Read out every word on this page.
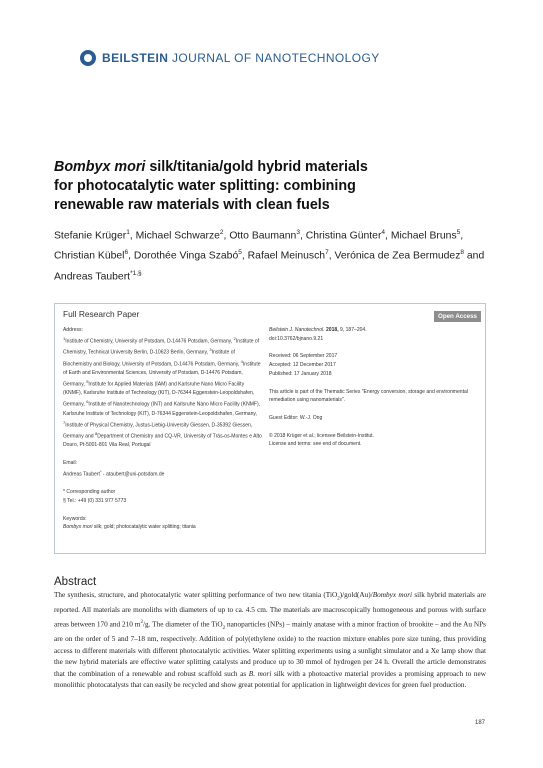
BEILSTEIN JOURNAL OF NANOTECHNOLOGY
Bombyx mori silk/titania/gold hybrid materials
for photocatalytic water splitting: combining
renewable raw materials with clean fuels
Stefanie Krüger$^1$, Michael Schwarze$^2$, Otto Baumann$^3$, Christina Günter$^4$, Michael Bruns$^5$, Christian Kübel$^6$, Dorothée Vinga Szabó$^5$, Rafael Meinusch$^7$, Verónica de Zea Bermudez$^8$ and Andreas Taubert$^{*1,\S}$
Full Research Paper	Open Access

Address:

$^1$Institute of Chemistry, University of Potsdam, D-14476 Potsdam, Germany, $^2$Institute of Chemistry, Technical University Berlin, D-10623 Berlin, Germany, $^3$Institute of Biochemistry and Biology, University of Potsdam, D-14476 Potsdam, Germany, $^4$Institute of Earth and Environmental Sciences, University of Potsdam, D-14476 Potsdam, Germany, $^5$Institute for Applied Materials (IAM) and Karlsruhe Nano Micro Facility (KNMF), Karlsruhe Institute of Technology (KIT), D-76344 Eggenstein-Leopoldshafen, Germany, $^6$Institute of Nanotechnology (INT) and Karlsruhe Nano Micro Facility (KNMF), Karlsruhe Institute of Technology (KIT), D-76344 Eggenstein-Leopoldshafen, Germany, $^7$Institute of Physical Chemistry, Justus-Liebig-University Giessen, D-35392 Giessen, Germany and $^8$Department of Chemistry and CQ-VR, University of Trás-os-Montes e Alto Douro, Pt-5001-801 Vila Real, Portugal

Email:

Andreas Taubert* - ataubert@uni-potsdam.de

* Corresponding author

§ Tel.: +49 (0) 331 977 5773

Keywords:

Bombyx mori silk; gold; photocatalytic water splitting; titania

Beilstein J. Nanotechnol. 2018, 9, 187–204.

doi:10.3762/bjnano.9.21

Received: 06 September 2017

Accepted: 12 December 2017

Published: 17 January 2018

This article is part of the Thematic Series "Energy conversion, storage and environmental remediation using nanomaterials".

Guest Editor: W.-J. Ong

© 2018 Krüger et al.; licensee Beilstein-Institut.

License and terms: see end of document.

Abstract
The synthesis, structure, and photocatalytic water splitting performance of two new titania (TiO$_2$)/gold(Au)/Bombyx mori silk hybrid materials are reported. All materials are monoliths with diameters of up to ca. 4.5 cm. The materials are macroscopically homogeneous and porous with surface areas between 170 and 210 $m^2/g$. The diameter of the TiO$_2$ nanoparticles (NPs) – mainly anatase with a minor fraction of brookite – and the Au NPs are on the order of 5 and 7–18 nm, respectively. Addition of poly(ethylene oxide) to the reaction mixture enables pore size tuning, thus providing access to different materials with different photocatalytic activities. Water splitting experiments using a sunlight simulator and a Xe lamp show that the new hybrid materials are effective water splitting catalysts and produce up to 30 mmol of hydrogen per 24 h. Overall the article demonstrates that the combination of a renewable and robust scaffold such as B. mori silk with a photoactive material provides a promising approach to new monolithic photocatalysts that can easily be recycled and show great potential for application in lightweight devices for green fuel production.
187
